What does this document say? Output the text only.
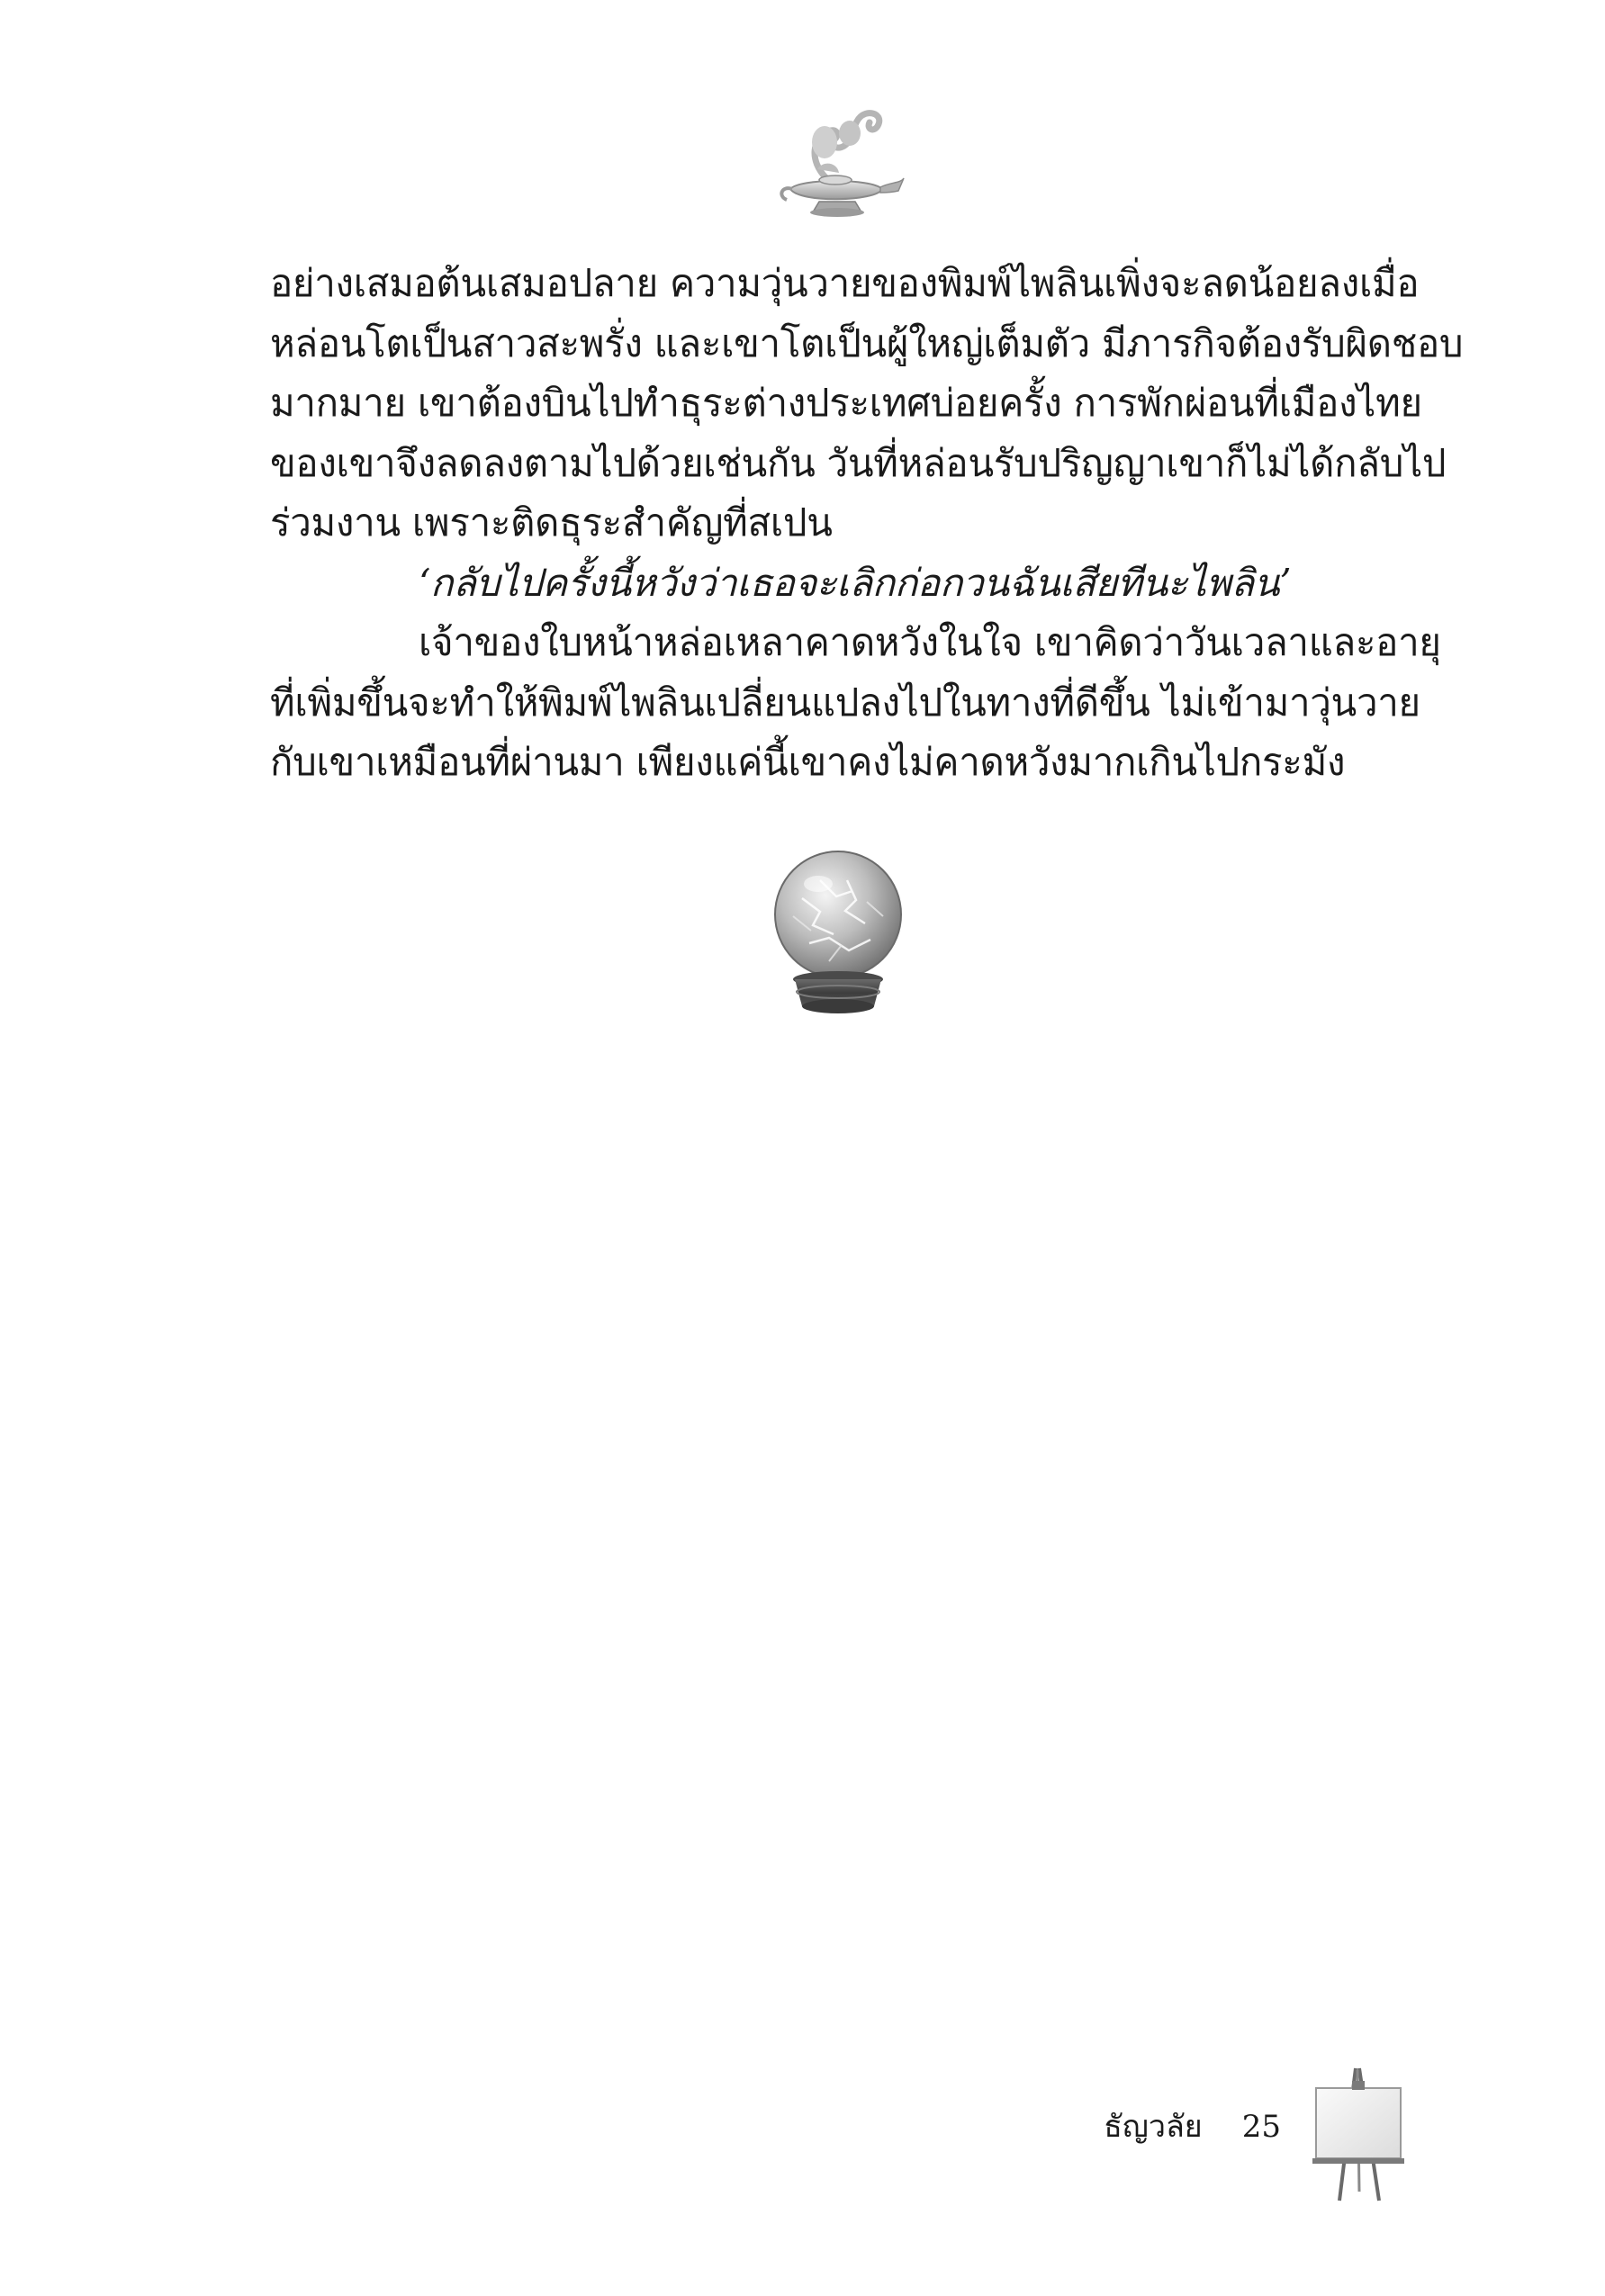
อย่างเสมอต้นเสมอปลาย ความวุ่นวายของพิมพ์ไพลินเพิ่งจะลดน้อยลงเมื่อ

หล่อนโตเป็นสาวสะพรั่ง และเขาโตเป็นผู้ใหญ่เต็มตัว มีภารกิจต้องรับผิดชอบ

มากมาย เขาต้องบินไปทำธุระต่างประเทศบ่อยครั้ง การพักผ่อนที่เมืองไทย

ของเขาจึงลดลงตามไปด้วยเช่นกัน วันที่หล่อนรับปริญญาเขาก็ไม่ได้กลับไป

ร่วมงาน เพราะติดธุระสำคัญที่สเปน

‘กลับไปครั้งนี้หวังว่าเธอจะเลิกก่อกวนฉันเสียทีนะไพลิน’

เจ้าของใบหน้าหล่อเหลาคาดหวังในใจ เขาคิดว่าวันเวลาและอายุ

ที่เพิ่มขึ้นจะทำให้พิมพ์ไพลินเปลี่ยนแปลงไปในทางที่ดีขึ้น ไม่เข้ามาวุ่นวาย

กับเขาเหมือนที่ผ่านมา เพียงแค่นี้เขาคงไม่คาดหวังมากเกินไปกระมัง

ธัญวลัย 25
